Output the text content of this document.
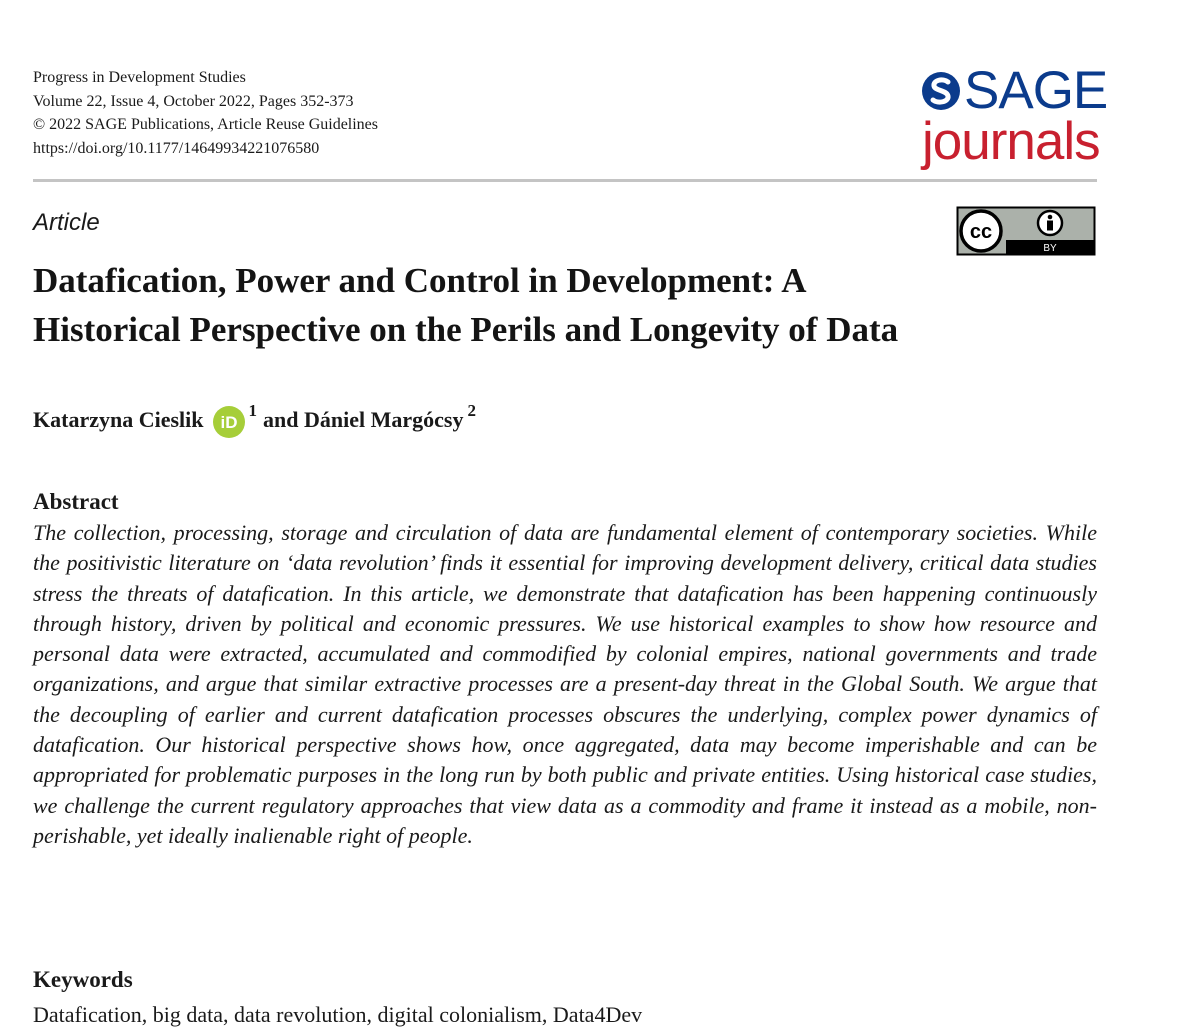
Progress in Development Studies
Volume 22, Issue 4, October 2022, Pages 352-373
© 2022 SAGE Publications, Article Reuse Guidelines
https://doi.org/10.1177/14649934221076580
SAGE
journals
Article	cc
BY
Datafication, Power and Control in Development: A
Historical Perspective on the Perils and Longevity of Data
Katarzyna Cieslik iD
1 and Dániel Margócsy 2
Abstract
The collection, processing, storage and circulation of data are fundamental element of contemporary societies. While the positivistic literature on ‘data revolution’ finds it essential for improving development delivery, critical data studies stress the threats of datafication. In this article, we demonstrate that datafication has been happening continuously through history, driven by political and economic pressures. We use historical examples to show how resource and personal data were extracted, accumulated and commodified by colonial empires, national governments and trade organizations, and argue that similar extractive processes are a present-day threat in the Global South. We argue that the decoupling of earlier and current datafication processes obscures the underlying, complex power dynamics of datafication. Our historical perspective shows how, once aggregated, data may become imperishable and can be appropriated for problematic purposes in the long run by both public and private entities. Using historical case studies, we challenge the current regulatory approaches that view data as a commodity and frame it instead as a mobile, non-perishable, yet ideally inalienable right of people.
Keywords
Datafication, big data, data revolution, digital colonialism, Data4Dev
